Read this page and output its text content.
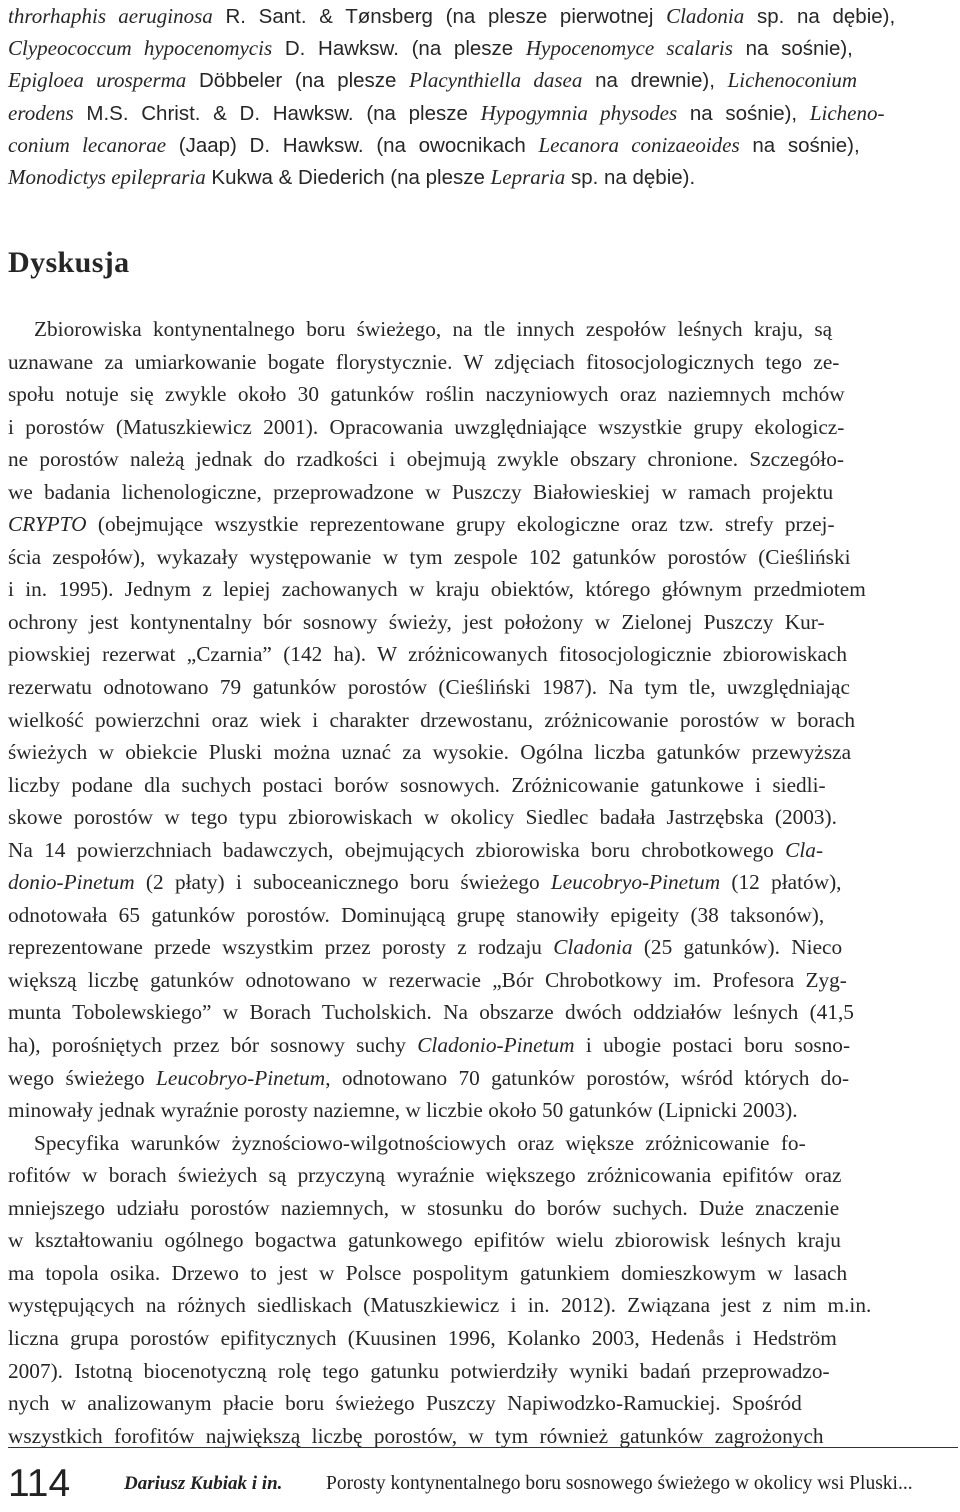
throrhaphis aeruginosa R. Sant. & Tønsberg (na plesze pierwotnej Cladonia sp. na dębie),
Clypeococcum hypocenomycis D. Hawksw. (na plesze Hypocenomyce scalaris na sośnie),
Epigloea urosperma Döbbeler (na plesze Placynthiella dasea na drewnie), Lichenoconium
erodens M.S. Christ. & D. Hawksw. (na plesze Hypogymnia physodes na sośnie), Licheno-
conium lecanorae (Jaap) D. Hawksw. (na owocnikach Lecanora conizaeoides na sośnie),
Monodictys epilepraria Kukwa & Diederich (na plesze Lepraria sp. na dębie).
Dyskusja
Zbiorowiska kontynentalnego boru świeżego, na tle innych zespołów leśnych kraju, są
uznawane za umiarkowanie bogate florystycznie. W zdjęciach fitosocjologicznych tego ze-
społu notuje się zwykle około 30 gatunków roślin naczyniowych oraz naziemnych mchów
i porostów (Matuszkiewicz 2001). Opracowania uwzględniające wszystkie grupy ekologicz-
ne porostów należą jednak do rzadkości i obejmują zwykle obszary chronione. Szczegóło-
we badania lichenologiczne, przeprowadzone w Puszczy Białowieskiej w ramach projektu
CRYPTO (obejmujące wszystkie reprezentowane grupy ekologiczne oraz tzw. strefy przej-
ścia zespołów), wykazały występowanie w tym zespole 102 gatunków porostów (Cieśliński
i in. 1995). Jednym z lepiej zachowanych w kraju obiektów, którego głównym przedmiotem
ochrony jest kontynentalny bór sosnowy świeży, jest położony w Zielonej Puszczy Kur-
piowskiej rezerwat „Czarnia” (142 ha). W zróżnicowanych fitosocjologicznie zbiorowiskach
rezerwatu odnotowano 79 gatunków porostów (Cieśliński 1987). Na tym tle, uwzględniając
wielkość powierzchni oraz wiek i charakter drzewostanu, zróżnicowanie porostów w borach
świeżych w obiekcie Pluski można uznać za wysokie. Ogólna liczba gatunków przewyższa
liczby podane dla suchych postaci borów sosnowych. Zróżnicowanie gatunkowe i siedli-
skowe porostów w tego typu zbiorowiskach w okolicy Siedlec badała Jastrzębska (2003).
Na 14 powierzchniach badawczych, obejmujących zbiorowiska boru chrobotkowego Cla-
donio-Pinetum (2 płaty) i suboceanicznego boru świeżego Leucobryo-Pinetum (12 płatów),
odnotowała 65 gatunków porostów. Dominującą grupę stanowiły epigeity (38 taksonów),
reprezentowane przede wszystkim przez porosty z rodzaju Cladonia (25 gatunków). Nieco
większą liczbę gatunków odnotowano w rezerwacie „Bór Chrobotkowy im. Profesora Zyg-
munta Tobolewskiego” w Borach Tucholskich. Na obszarze dwóch oddziałów leśnych (41,5
ha), porośniętych przez bór sosnowy suchy Cladonio-Pinetum i ubogie postaci boru sosno-
wego świeżego Leucobryo-Pinetum, odnotowano 70 gatunków porostów, wśród których do-
minowały jednak wyraźnie porosty naziemne, w liczbie około 50 gatunków (Lipnicki 2003).
Specyfika warunków żyznościowo-wilgotnościowych oraz większe zróżnicowanie fo-
rofitów w borach świeżych są przyczyną wyraźnie większego zróżnicowania epifitów oraz
mniejszego udziału porostów naziemnych, w stosunku do borów suchych. Duże znaczenie
w kształtowaniu ogólnego bogactwa gatunkowego epifitów wielu zbiorowisk leśnych kraju
ma topola osika. Drzewo to jest w Polsce pospolitym gatunkiem domieszkowym w lasach
występujących na różnych siedliskach (Matuszkiewicz i in. 2012). Związana jest z nim m.in.
liczna grupa porostów epifitycznych (Kuusinen 1996, Kolanko 2003, Hedenås i Hedström
2007). Istotną biocenotyczną rolę tego gatunku potwierdziły wyniki badań przeprowadzo-
nych w analizowanym płacie boru świeżego Puszczy Napiwodzko-Ramuckiej. Spośród
wszystkich forofitów największą liczbę porostów, w tym również gatunków zagrożonych
114	Dariusz Kubiak i in. Porosty kontynentalnego boru sosnowego świeżego w okolicy wsi Pluski...
